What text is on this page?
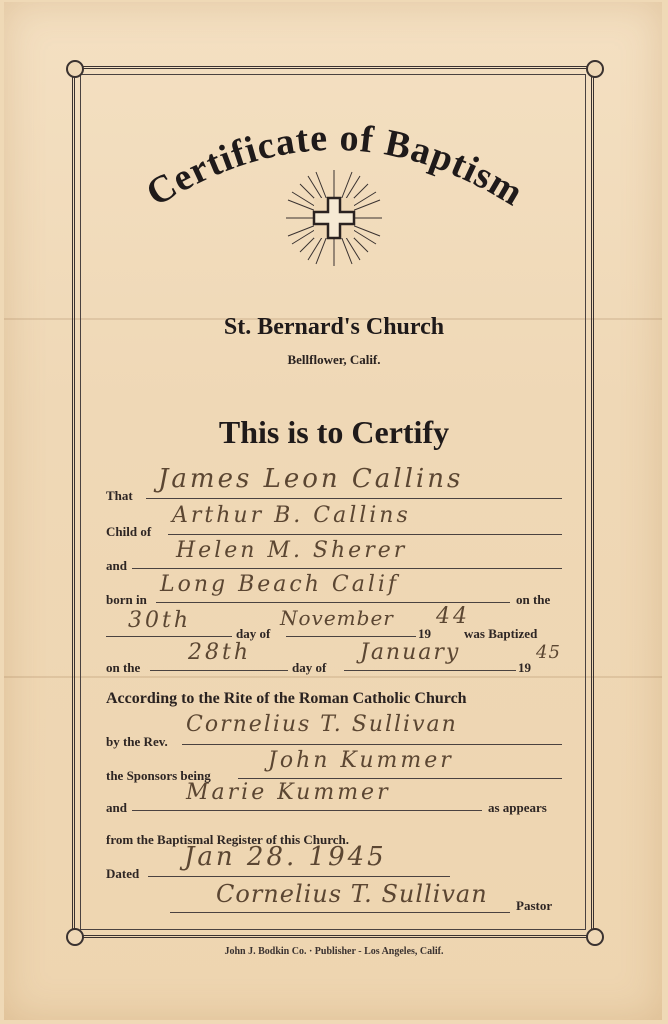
Certificate of Baptism
St. Bernard's Church
Bellflower, Calif.
This is to Certify
That
James Leon Callins
Child of
Arthur B. Callins
and
Helen M. Sherer
born in
Long Beach Calif
on the
30th
day of
November
19
44
was Baptized
on the
28th
day of
January
19
45
According to the Rite of the Roman Catholic Church
by the Rev.
Cornelius T. Sullivan
the Sponsors being
John Kummer
and
Marie Kummer
as appears
from the Baptismal Register of this Church.
Dated
Jan 28. 1945
Cornelius T. Sullivan Pastor
John J. Bodkin Co. · Publisher - Los Angeles, Calif.
